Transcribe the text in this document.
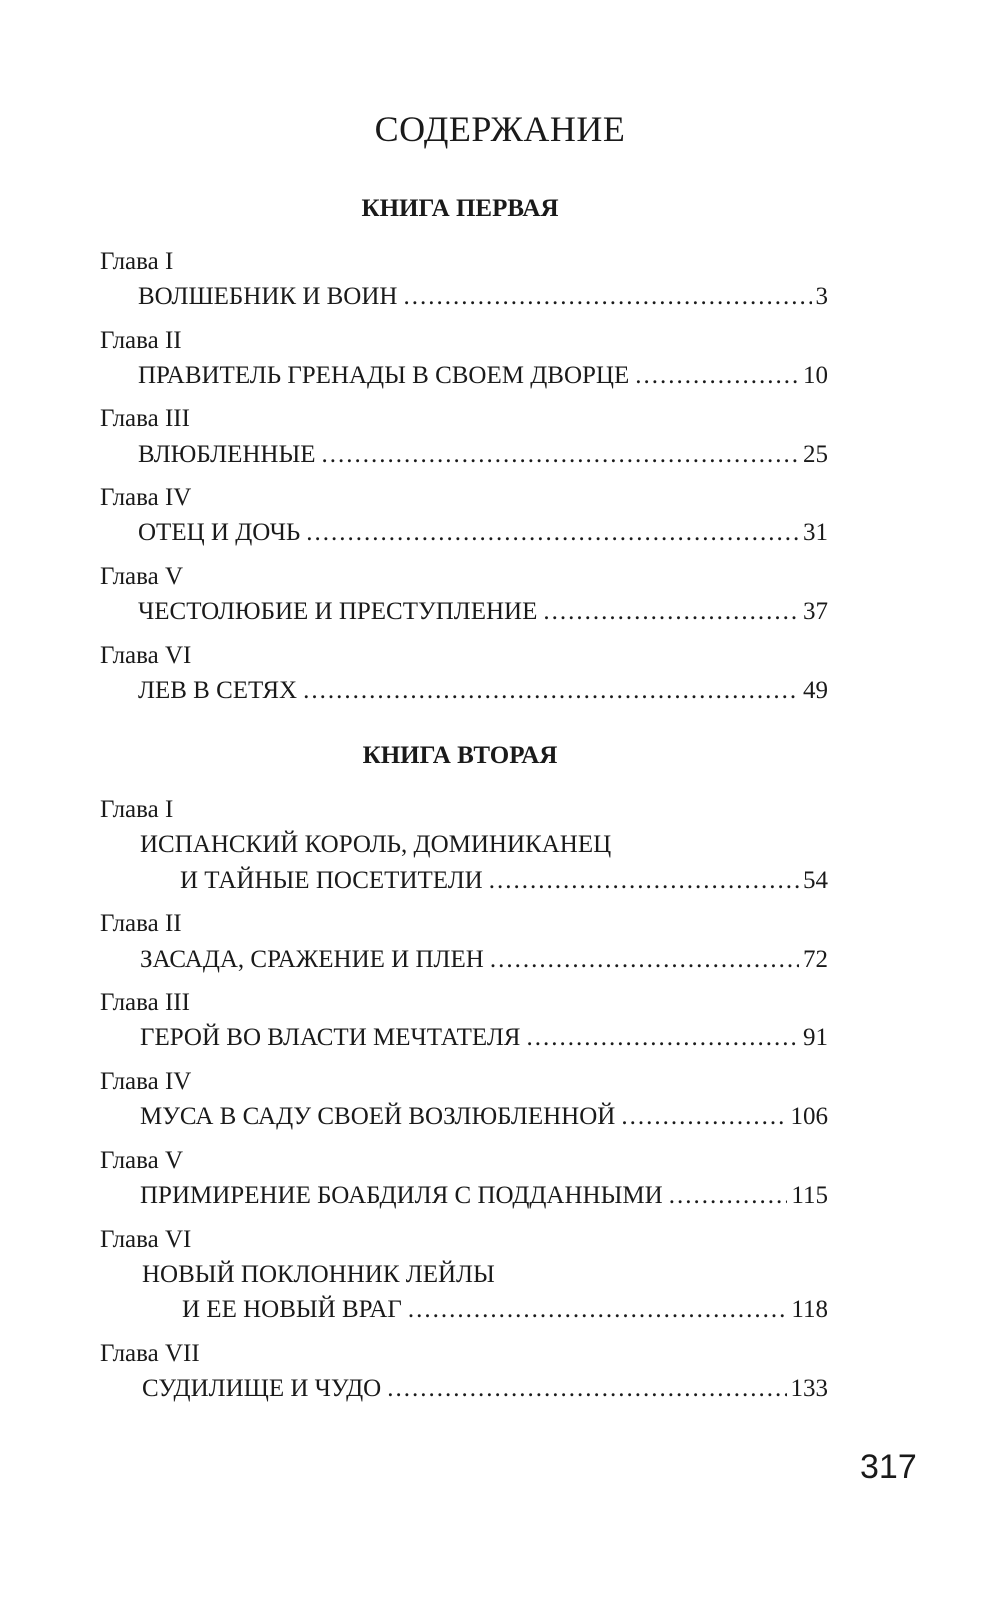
СОДЕРЖАНИЕ
КНИГА ПЕРВАЯ
Глава I
ВОЛШЕБНИК И ВОИН .....	3
Глава II
ПРАВИТЕЛЬ ГРЕНАДЫ В СВОЕМ ДВОРЦЕ .....	10
Глава III
ВЛЮБЛЕННЫЕ .....	25
Глава IV
ОТЕЦ И ДОЧЬ .....	31
Глава V
ЧЕСТОЛЮБИЕ И ПРЕСТУПЛЕНИЕ .....	37
Глава VI
ЛЕВ В СЕТЯХ .....	49
КНИГА ВТОРАЯ
Глава I
ИСПАНСКИЙ КОРОЛЬ, ДОМИНИКАНЕЦ
И ТАЙНЫЕ ПОСЕТИТЕЛИ .....	54
Глава II
ЗАСАДА, СРАЖЕНИЕ И ПЛЕН .....	72
Глава III
ГЕРОЙ ВО ВЛАСТИ МЕЧТАТЕЛЯ .....	91
Глава IV
МУСА В САДУ СВОЕЙ ВОЗЛЮБЛЕННОЙ .....	106
Глава V
ПРИМИРЕНИЕ БОАБДИЛЯ С ПОДДАННЫМИ .....	115
Глава VI
НОВЫЙ ПОКЛОННИК ЛЕЙЛЫ
И ЕЕ НОВЫЙ ВРАГ .....	118
Глава VII
СУДИЛИЩЕ И ЧУДО .....	133
317
